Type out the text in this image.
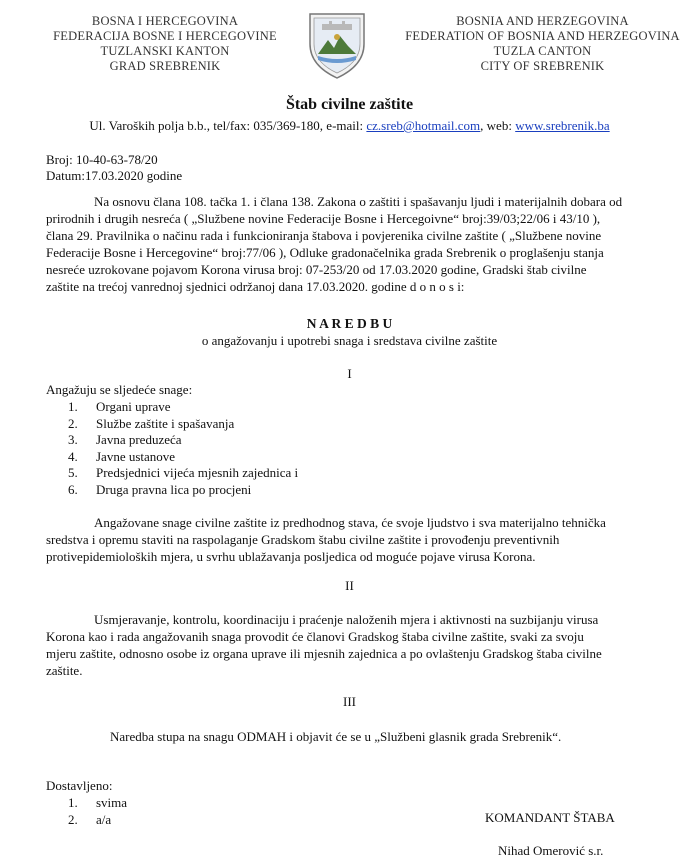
BOSNA I HERCEGOVINA
FEDERACIJA BOSNE I HERCEGOVINE
TUZLANSKI KANTON
GRAD SREBRENIK
BOSNIA AND HERZEGOVINA
FEDERATION OF BOSNIA AND HERZEGOVINA
TUZLA CANTON
CITY OF SREBRENIK
Štab civilne zaštite
Ul. Varoških polja b.b., tel/fax: 035/369-180, e-mail: cz.sreb@hotmail.com, web: www.srebrenik.ba
Broj: 10-40-63-78/20
Datum:17.03.2020 godine
Na osnovu člana 108. tačka 1. i člana 138. Zakona o zaštiti i spašavanju ljudi i materijalnih dobara od
prirodnih i drugih nesreća ( „Službene novine Federacije Bosne i Hercegoivne“ broj:39/03;22/06 i 43/10 ),
člana 29. Pravilnika o načinu rada i funkcioniranja štabova i povjerenika civilne zaštite ( „Službene novine
Federacije Bosne i Hercegovine“ broj:77/06 ), Odluke gradonačelnika grada Srebrenik o proglašenju stanja
nesreće uzrokovane pojavom Korona virusa broj: 07-253/20 od 17.03.2020 godine, Gradski štab civilne
zaštite na trećoj vanrednoj sjednici održanoj dana 17.03.2020. godine d o n o s i:
N A R E D B U
o angažovanju i upotrebi snaga i sredstava civilne zaštite
I
Angažuju se sljedeće snage:
1. Organi uprave
2. Službe zaštite i spašavanja
3. Javna preduzeća
4. Javne ustanove
5. Predsjednici vijeća mjesnih zajednica i
6. Druga pravna lica po procjeni
Angažovane snage civilne zaštite iz predhodnog stava, će svoje ljudstvo i sva materijalno tehnička
sredstva i opremu staviti na raspolaganje Gradskom štabu civilne zaštite i provođenju preventivnih
protivepidemioloških mjera, u svrhu ublažavanja posljedica od moguće pojave virusa Korona.
II
Usmjeravanje, kontrolu, koordinaciju i praćenje naloženih mjera i aktivnosti na suzbijanju virusa
Korona kao i rada angažovanih snaga provodit će članovi Gradskog štaba civilne zaštite, svaki za svoju
mjeru zaštite, odnosno osobe iz organa uprave ili mjesnih zajednica a po ovlaštenju Gradskog štaba civilne
zaštite.
III
Naredba stupa na snagu ODMAH i objavit će se u „Službeni glasnik grada Srebrenik“.
Dostavljeno:
1. svima
2. a/a	KOMANDANT ŠTABA
Nihad Omerović s.r.
